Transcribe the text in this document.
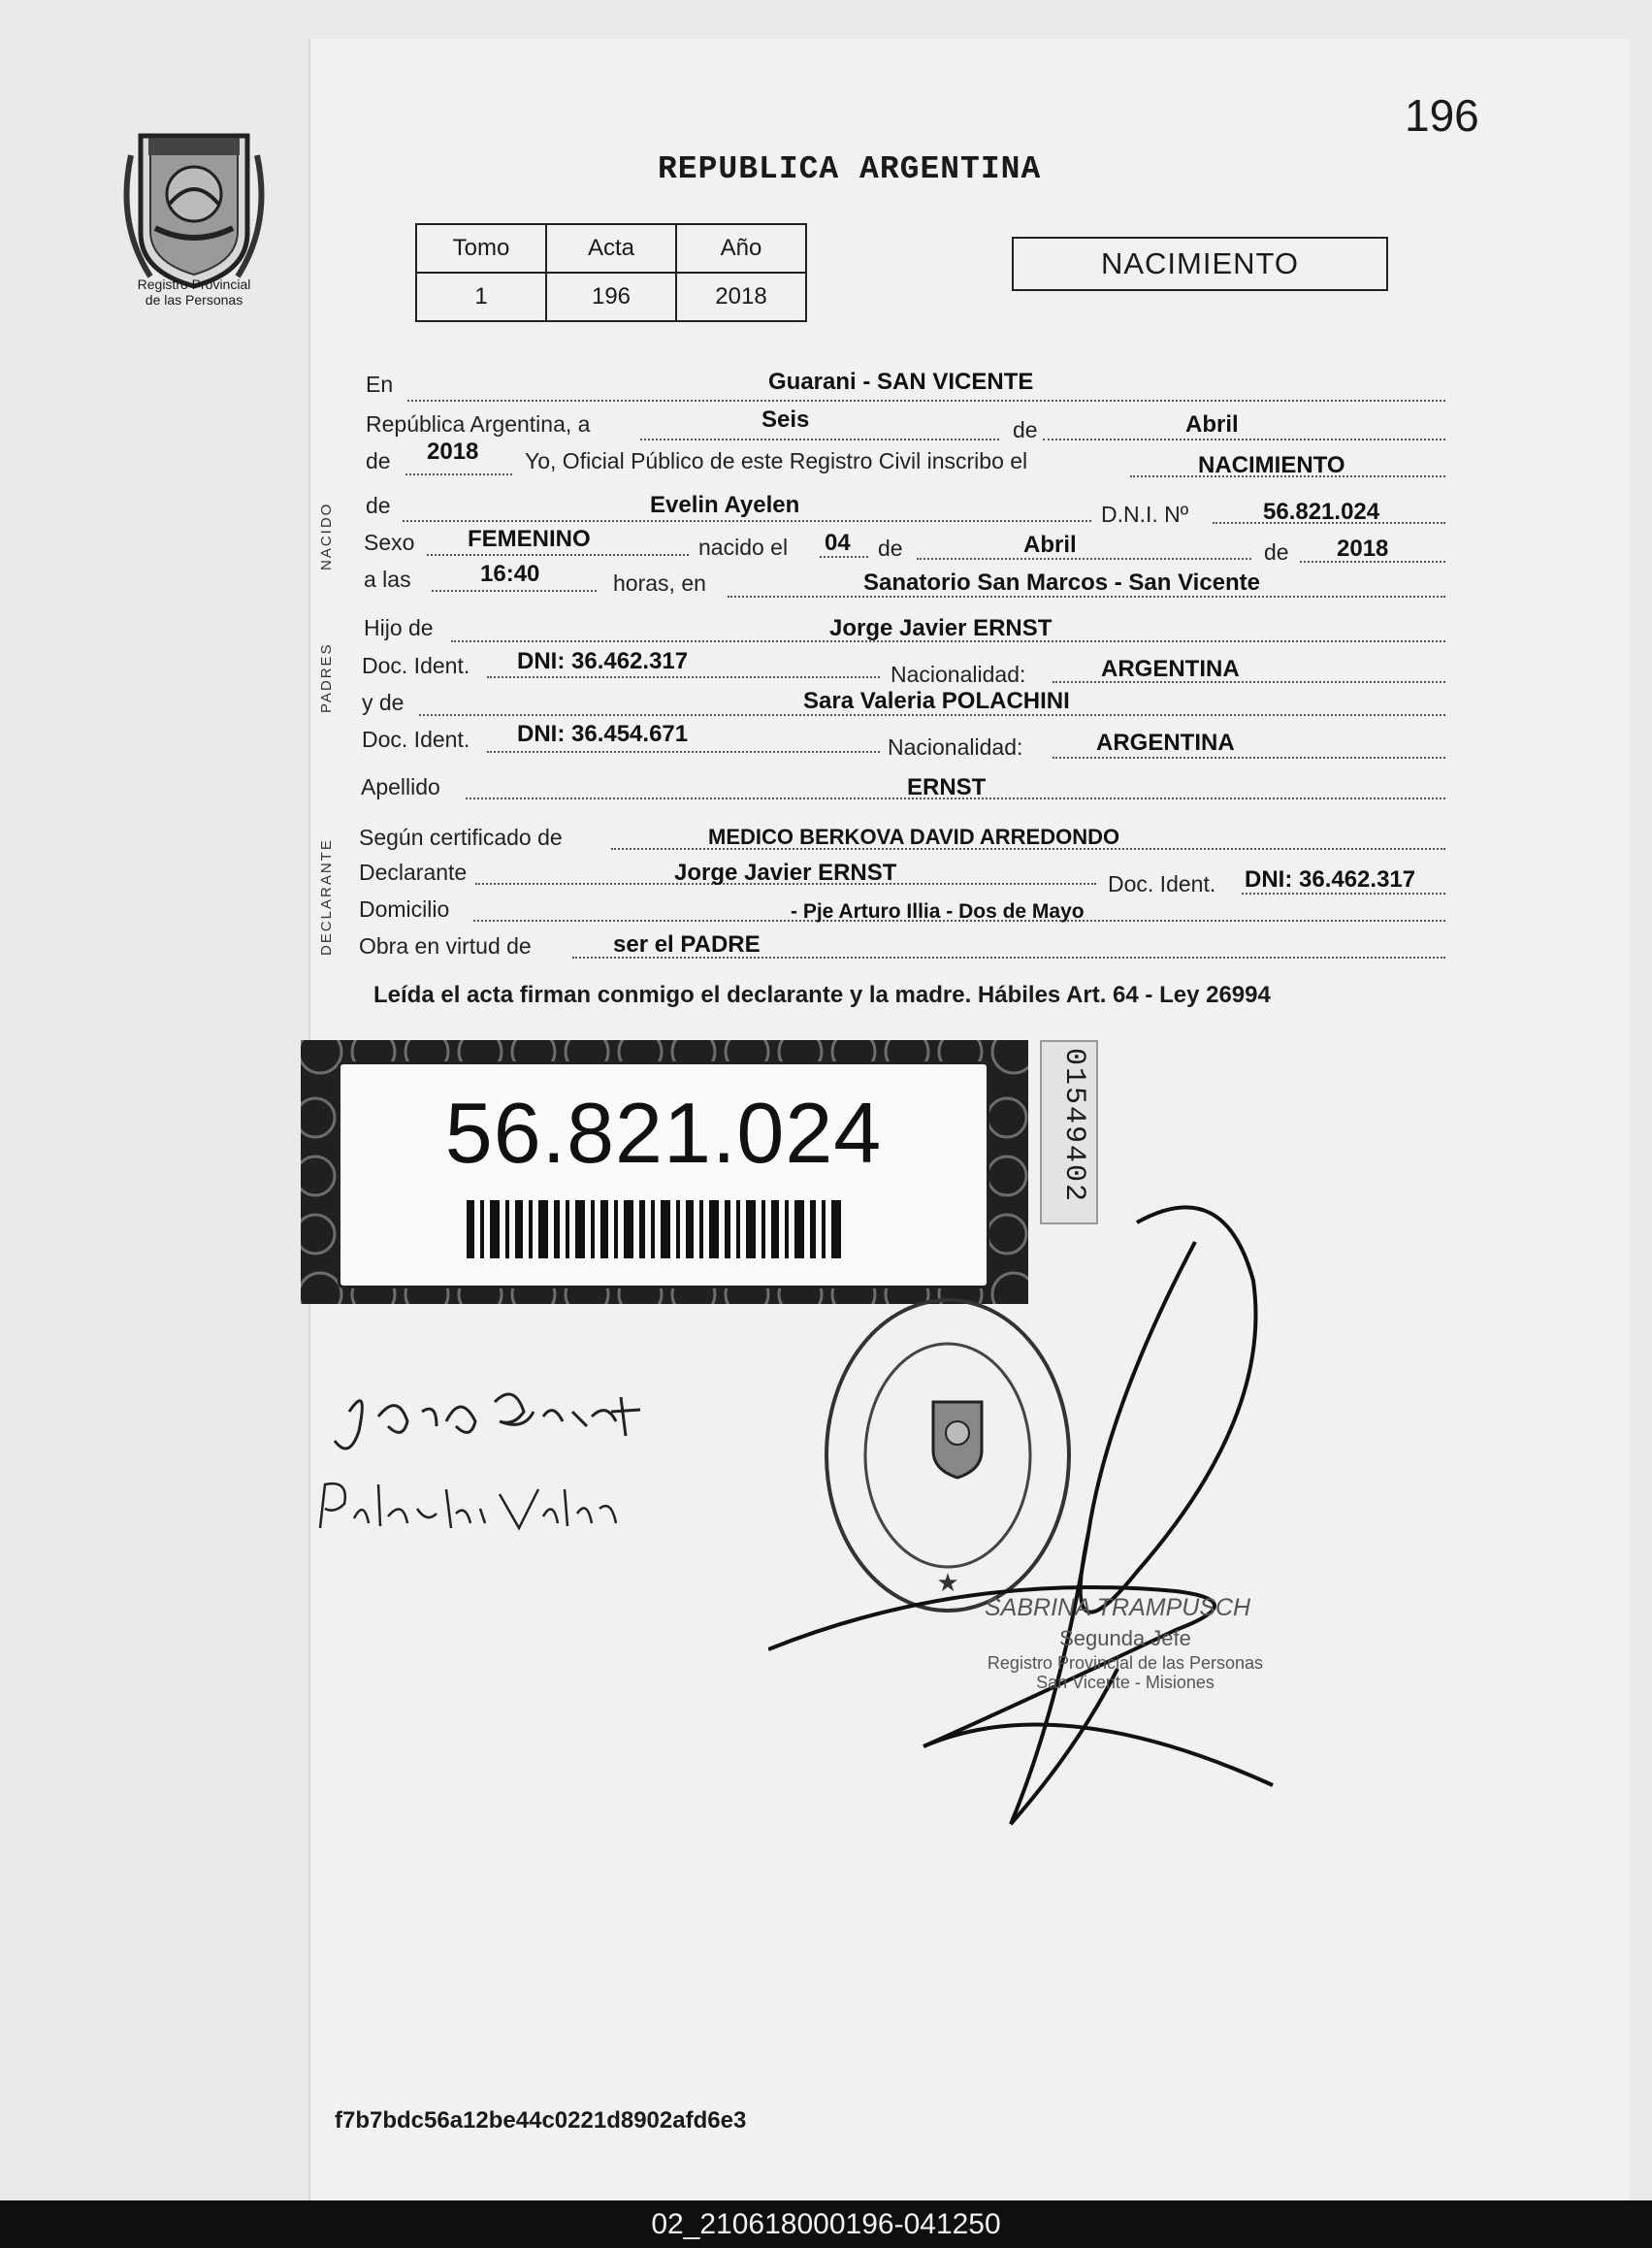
196
Registro Provincial
de las Personas
REPUBLICA ARGENTINA
Tomo	Acta	Año
1	196	2018
NACIMIENTO
NACIDO
PADRES
DECLARANTE
En	Guarani - SAN VICENTE
República Argentina, a	Seis	de	Abril
de 2018 Yo, Oficial Público de este Registro Civil inscribo el	NACIMIENTO
de	Evelin Ayelen	D.N.I. Nº	56.821.024
Sexo FEMENINO	nacido el 04 de	Abril	de 2018
a las	16:40	horas, en	Sanatorio San Marcos - San Vicente
Hijo de	Jorge Javier ERNST
Doc. Ident. DNI: 36.462.317	Nacionalidad:	ARGENTINA
y de	Sara Valeria POLACHINI
Doc. Ident. DNI: 36.454.671	Nacionalidad:	ARGENTINA
Apellido	ERNST
Según certificado de	MEDICO BERKOVA DAVID ARREDONDO
Declarante	Jorge Javier ERNST	Doc. Ident. DNI: 36.462.317
Domicilio	- Pje Arturo Illia - Dos de Mayo
Obra en virtud de	ser el PADRE
Leída el acta firman conmigo el declarante y la madre. Hábiles Art. 64 - Ley 26994
56.821.024	01549402
★
SABRINA TRAMPUSCH
Segunda Jefe
Registro Provincial de las Personas
San Vicente - Misiones
f7b7bdc56a12be44c0221d8902afd6e3
02_210618000196-041250
